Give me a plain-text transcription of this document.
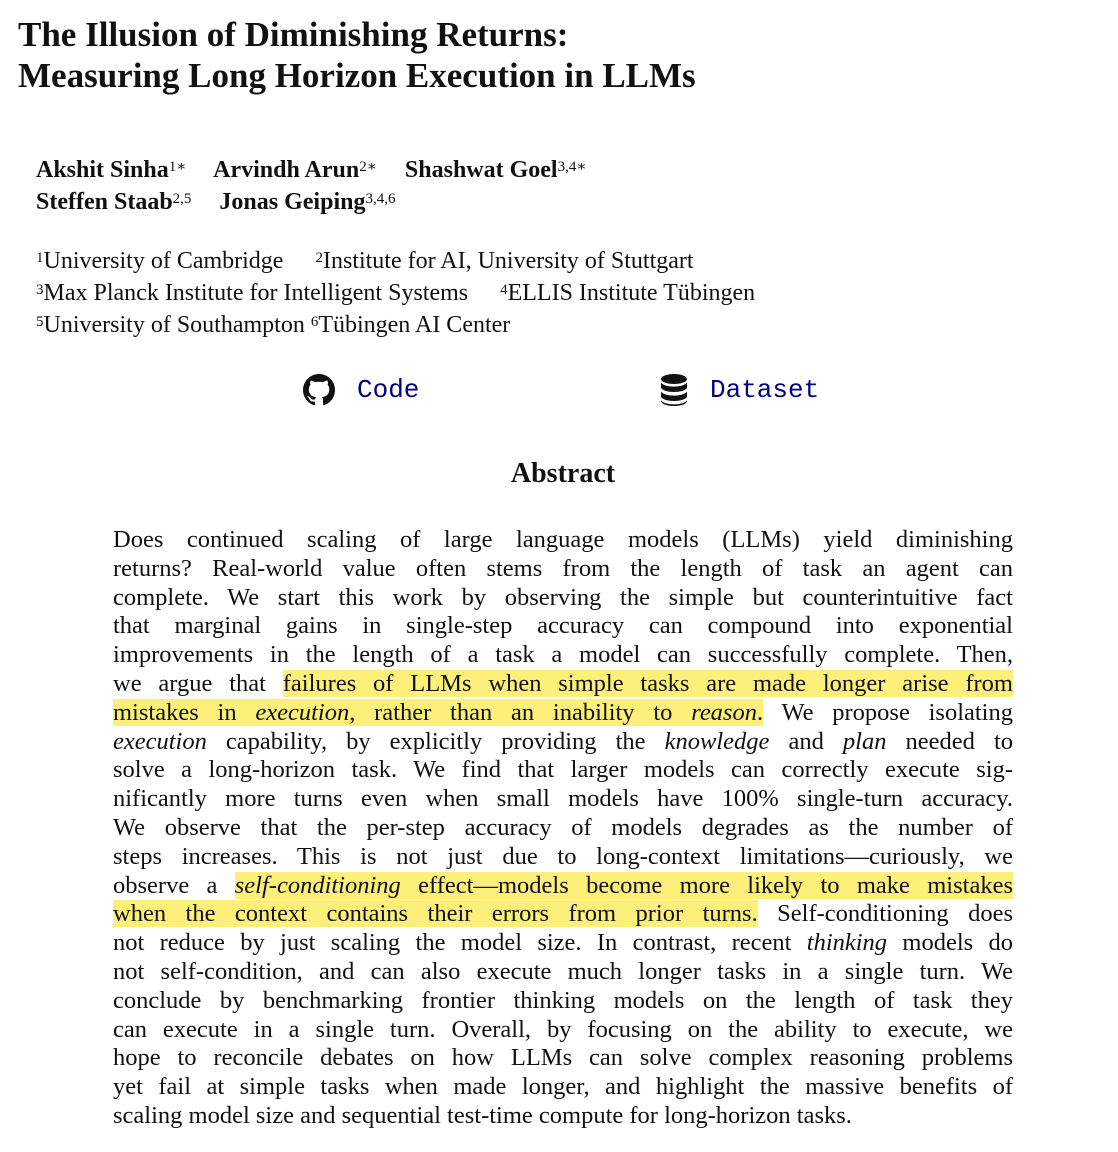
The Illusion of Diminishing Returns:
Measuring Long Horizon Execution in LLMs
Akshit Sinha$^{1∗}$ Arvindh Arun$^{2∗}$ Shashwat Goel$^{3,4∗}$
Steffen Staab$^{2,5}$ Jonas Geiping$^{3,4,6}$
$^1$University of Cambridge $^2$Institute for AI, University of Stuttgart
$^3$Max Planck Institute for Intelligent Systems $^4$ELLIS Institute Tübingen
$^5$University of Southampton $^6$Tübingen AI Center
Code	Dataset
Abstract
Does continued scaling of large language models (LLMs) yield diminishing
returns? Real-world value often stems from the length of task an agent can
complete. We start this work by observing the simple but counterintuitive fact
that marginal gains in single-step accuracy can compound into exponential
improvements in the length of a task a model can successfully complete. Then,
we argue that failures of LLMs when simple tasks are made longer arise from
mistakes in execution, rather than an inability to reason. We propose isolating
execution capability, by explicitly providing the knowledge and plan needed to
solve a long-horizon task. We find that larger models can correctly execute sig-
nificantly more turns even when small models have 100% single-turn accuracy.
We observe that the per-step accuracy of models degrades as the number of
steps increases. This is not just due to long-context limitations—curiously, we
observe a self-conditioning effect—models become more likely to make mistakes
when the context contains their errors from prior turns. Self-conditioning does
not reduce by just scaling the model size. In contrast, recent thinking models do
not self-condition, and can also execute much longer tasks in a single turn. We
conclude by benchmarking frontier thinking models on the length of task they
can execute in a single turn. Overall, by focusing on the ability to execute, we
hope to reconcile debates on how LLMs can solve complex reasoning problems
yet fail at simple tasks when made longer, and highlight the massive benefits of
scaling model size and sequential test-time compute for long-horizon tasks.
